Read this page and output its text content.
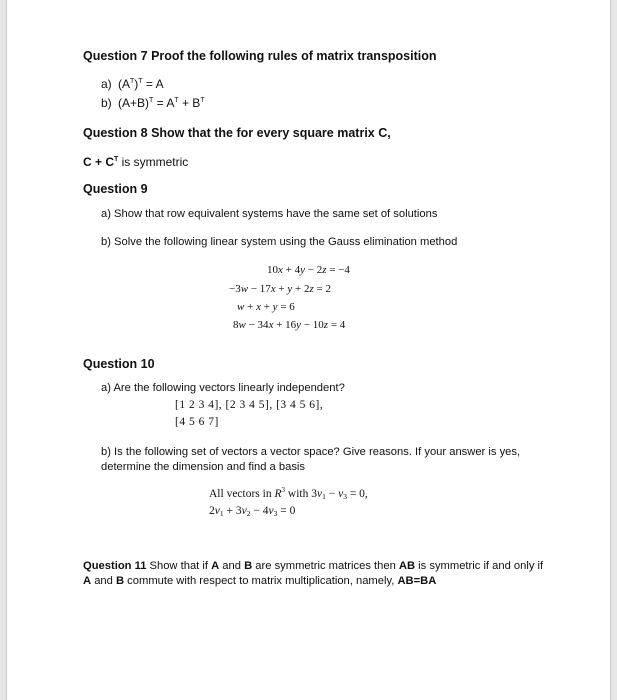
Question 7 Proof the following rules of matrix transposition
a) $(A^T)^T = A$
b) $(A+B)^T = A^T + B^T$
Question 8 Show that the for every square matrix C,
$C + C^T$ is symmetric
Question 9
a) Show that row equivalent systems have the same set of solutions
b) Solve the following linear system using the Gauss elimination method
10x + 4y − 2z = −4
−3w − 17x + y + 2z = 2
w + x + y = 6
8w − 34x + 16y − 10z = 4
Question 10
a) Are the following vectors linearly independent?
[1 2 3 4], [2 3 4 5], [3 4 5 6],
[4 5 6 7]
b) Is the following set of vectors a vector space? Give reasons. If your answer is yes, determine the dimension and find a basis
All vectors in $R^3$ with $3v_1 - v_3 = 0$,
$2v_1 + 3v_2 - 4v_3 = 0$
Question 11 Show that if A and B are symmetric matrices then AB is symmetric if and only if A and B commute with respect to matrix multiplication, namely, AB=BA
